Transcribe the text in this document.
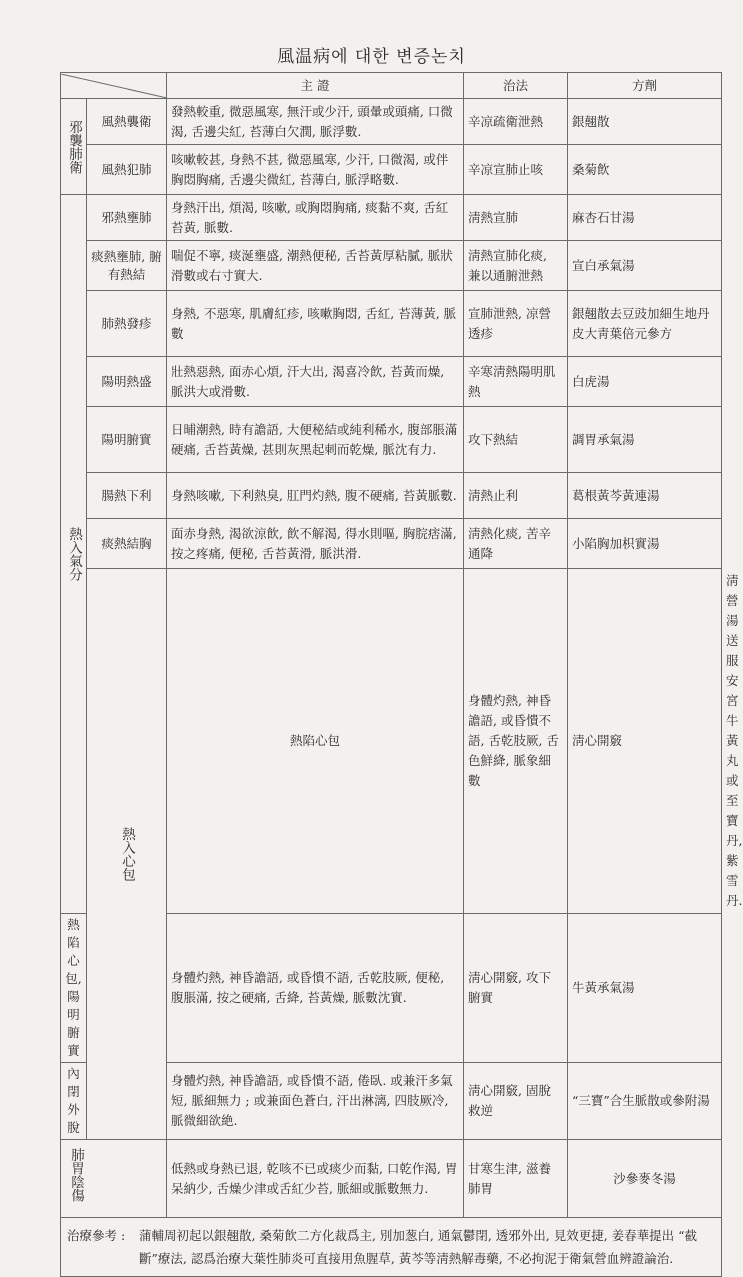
風温病에 대한 변증논치
	主 證	治法	方劑	

邪襲肺衛	風熱襲衛	發熱較重, 微惡風寒, 無汗或少汗, 頭暈或頭痛, 口微渴, 舌邊尖紅, 苔薄白欠潤, 脈浮數.	辛凉疏衛泄熱	銀翹散	
	風熱犯肺	咳嗽較甚, 身熱不甚, 微惡風寒, 少汗, 口微渴, 或伴胸悶胸痛, 舌邊尖微紅, 苔薄白, 脈浮略數.	辛凉宣肺止咳	桑菊飲	

熱入氣分	邪熱壅肺	身熱汗出, 煩渴, 咳嗽, 或胸悶胸痛, 痰黏不爽, 舌紅苔黃, 脈數.	淸熱宣肺	麻杏石甘湯	
	痰熱壅肺, 腑有熱結	喘促不寧, 痰涎壅盛, 潮熱便秘, 舌苔黃厚粘膩, 脈狀滑數或右寸實大.	淸熱宣肺化痰, 兼以通腑泄熱	宣白承氣湯	
	肺熱發疹	身熱, 不惡寒, 肌膚紅疹, 咳嗽胸悶, 舌紅, 苔薄黃, 脈數	宣肺泄熱, 凉營透疹	銀翹散去豆豉加細生地丹皮大靑葉倍元參方	
	陽明熱盛	壯熱惡熱, 面赤心煩, 汗大出, 渴喜冷飮, 苔黃而燥, 脈洪大或滑數.	辛寒淸熱陽明肌熱	白虎湯	
	陽明腑實	日晡潮熱, 時有譫語, 大便秘結或純利稀水, 腹部脹滿硬痛, 舌苔黃燥, 甚則灰黑起刺而乾燥, 脈沈有力.	攻下熱結	調胃承氣湯	
	腸熱下利	身熱咳嗽, 下利熱臭, 肛門灼熱, 腹不硬痛, 苔黃脈數.	淸熱止利	葛根黃芩黃連湯	
	痰熱結胸	面赤身熱, 渴欲涼飮, 飮不解渴, 得水則嘔, 胸脘痞滿, 按之疼痛, 便秘, 舌苔黃滑, 脈洪滑.	淸熱化痰, 苦辛通降	小陷胸加枳實湯	

	熱入心包	熱陷心包	身體灼熱, 神昏譫語, 或昏憒不語, 舌乾肢厥, 舌色鮮絳, 脈象細數	淸心開竅	淸營湯送服安宮牛黃丸或至寶丹, 紫雪丹.
熱陷心包, 陽明腑實		身體灼熱, 神昏譫語, 或昏憒不語, 舌乾肢厥, 便秘, 腹脹滿, 按之硬痛, 舌絳, 苔黃燥, 脈數沈實.	淸心開竅, 攻下腑實	牛黃承氣湯	
內閉外脫		身體灼熱, 神昏譫語, 或昏憒不語, 倦臥. 或兼汗多氣短, 脈細無力 ; 或兼面色蒼白, 汗出淋漓, 四肢厥冷, 脈微細欲絶.	淸心開竅, 固脫救逆	“三寶”合生脈散或參附湯	
肺胃陰傷		低熱或身熱已退, 乾咳不已或痰少而黏, 口乾作渴, 胃呆納少, 舌燥少津或舌紅少苔, 脈細或脈數無力.	甘寒生津, 滋養肺胃	沙參麥冬湯	

治療參考 : 蒲輔周初起以銀翹散, 桑菊飮二方化裁爲主, 別加葱白, 通氣鬱閉, 透邪外出, 見效更捷, 姜春華提出 “截斷”療法, 認爲治療大葉性肺炎可直接用魚腥草, 黃芩等淸熱解毒藥, 不必拘泥于衛氣營血辨證論治.					
